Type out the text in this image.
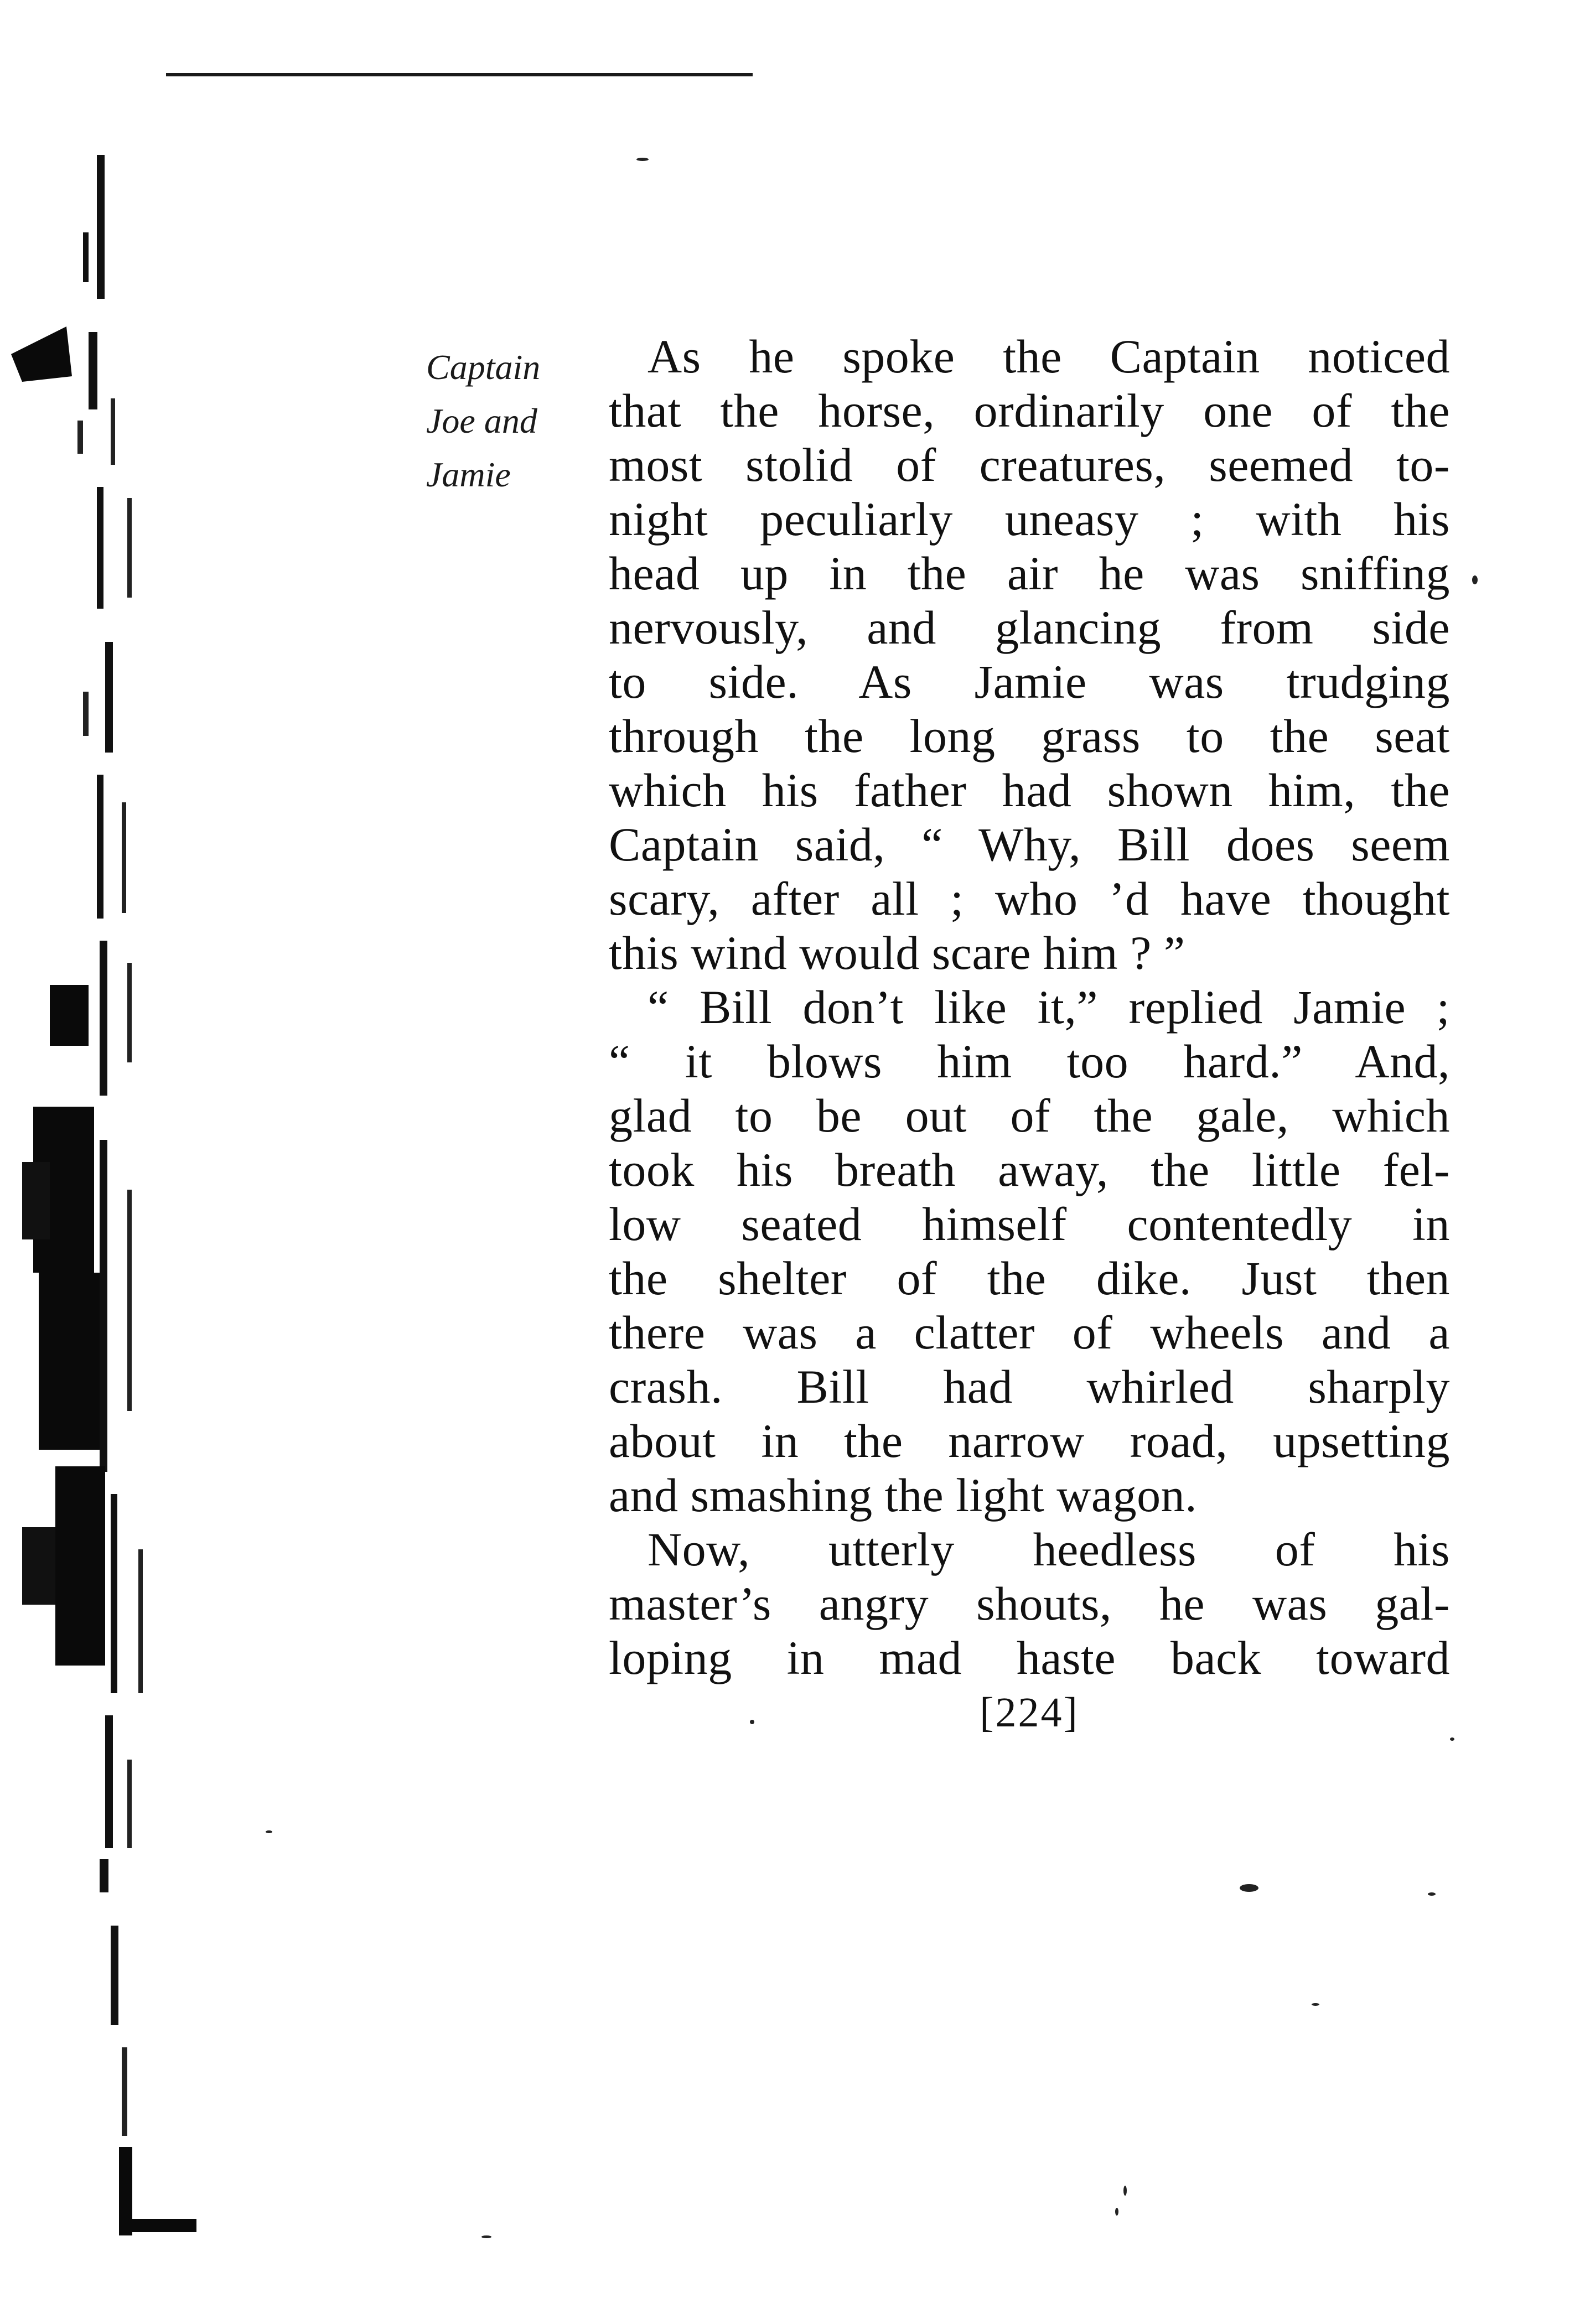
Captain
Joe and
Jamie
As he spoke the Captain noticed
that the horse, ordinarily one of the
most stolid of creatures, seemed to-
night peculiarly uneasy ; with his
head up in the air he was sniffing
nervously, and glancing from side
to side. As Jamie was trudging
through the long grass to the seat
which his father had shown him, the
Captain said, “ Why, Bill does seem
scary, after all ; who ’d have thought
this wind would scare him ? ”
“ Bill don’t like it,” replied Jamie ;
“ it blows him too hard.” And,
glad to be out of the gale, which
took his breath away, the little fel-
low seated himself contentedly in
the shelter of the dike. Just then
there was a clatter of wheels and a
crash. Bill had whirled sharply
about in the narrow road, upsetting
and smashing the light wagon.
Now, utterly heedless of his
master’s angry shouts, he was gal-
loping in mad haste back toward
[224]
